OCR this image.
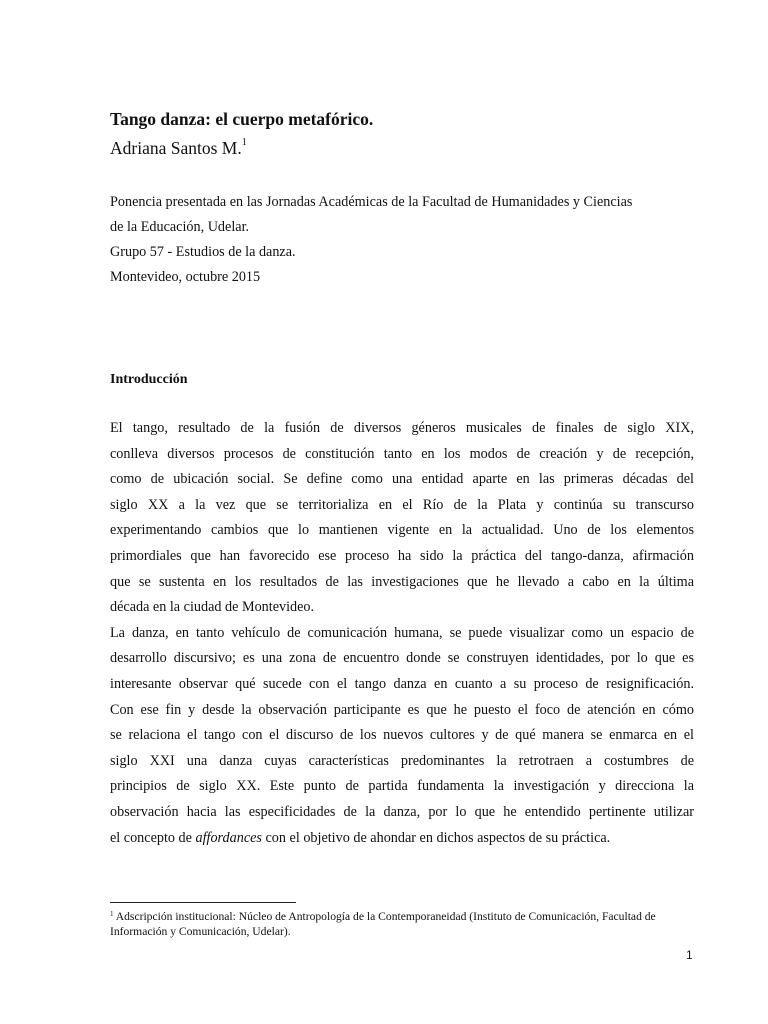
Tango danza: el cuerpo metafórico.

Adriana Santos M.$^1$

Ponencia presentada en las Jornadas Académicas de la Facultad de Humanidades y Ciencias
de la Educación, Udelar.
Grupo 57 - Estudios de la danza.
Montevideo, octubre 2015
Introducción
El tango, resultado de la fusión de diversos géneros musicales de finales de siglo XIX,
conlleva diversos procesos de constitución tanto en los modos de creación y de recepción,
como de ubicación social. Se define como una entidad aparte en las primeras décadas del
siglo XX a la vez que se territorializa en el Río de la Plata y continúa su transcurso
experimentando cambios que lo mantienen vigente en la actualidad. Uno de los elementos
primordiales que han favorecido ese proceso ha sido la práctica del tango-danza, afirmación
que se sustenta en los resultados de las investigaciones que he llevado a cabo en la última
década en la ciudad de Montevideo.
La danza, en tanto vehículo de comunicación humana, se puede visualizar como un espacio de
desarrollo discursivo; es una zona de encuentro donde se construyen identidades, por lo que es
interesante observar qué sucede con el tango danza en cuanto a su proceso de resignificación.
Con ese fin y desde la observación participante es que he puesto el foco de atención en cómo
se relaciona el tango con el discurso de los nuevos cultores y de qué manera se enmarca en el
siglo XXI una danza cuyas características predominantes la retrotraen a costumbres de
principios de siglo XX. Este punto de partida fundamenta la investigación y direcciona la
observación hacia las especificidades de la danza, por lo que he entendido pertinente utilizar
el concepto de affordances con el objetivo de ahondar en dichos aspectos de su práctica.
$^1$ Adscripción institucional: Núcleo de Antropología de la Contemporaneidad (Instituto de Comunicación, Facultad de Información y Comunicación, Udelar).
1
